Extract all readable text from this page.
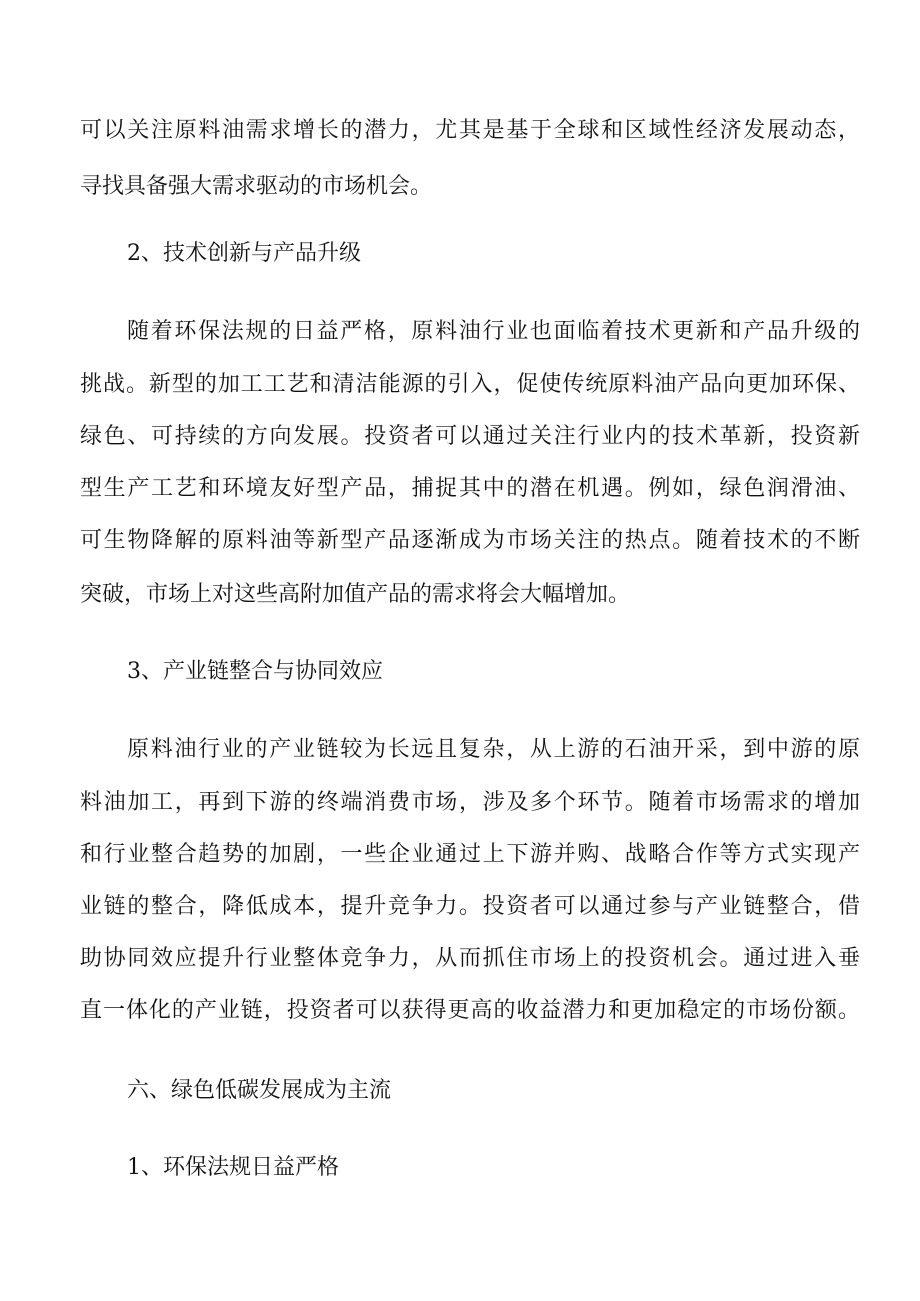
可以关注原料油需求增长的潜力，尤其是基于全球和区域性经济发展动态，
寻找具备强大需求驱动的市场机会。
2、技术创新与产品升级
随着环保法规的日益严格，原料油行业也面临着技术更新和产品升级的
挑战。新型的加工工艺和清洁能源的引入，促使传统原料油产品向更加环保、
绿色、可持续的方向发展。投资者可以通过关注行业内的技术革新，投资新
型生产工艺和环境友好型产品，捕捉其中的潜在机遇。例如，绿色润滑油、
可生物降解的原料油等新型产品逐渐成为市场关注的热点。随着技术的不断
突破，市场上对这些高附加值产品的需求将会大幅增加。
3、产业链整合与协同效应
原料油行业的产业链较为长远且复杂，从上游的石油开采，到中游的原
料油加工，再到下游的终端消费市场，涉及多个环节。随着市场需求的增加
和行业整合趋势的加剧，一些企业通过上下游并购、战略合作等方式实现产
业链的整合，降低成本，提升竞争力。投资者可以通过参与产业链整合，借
助协同效应提升行业整体竞争力，从而抓住市场上的投资机会。通过进入垂
直一体化的产业链，投资者可以获得更高的收益潜力和更加稳定的市场份额。
六、绿色低碳发展成为主流
1、环保法规日益严格
